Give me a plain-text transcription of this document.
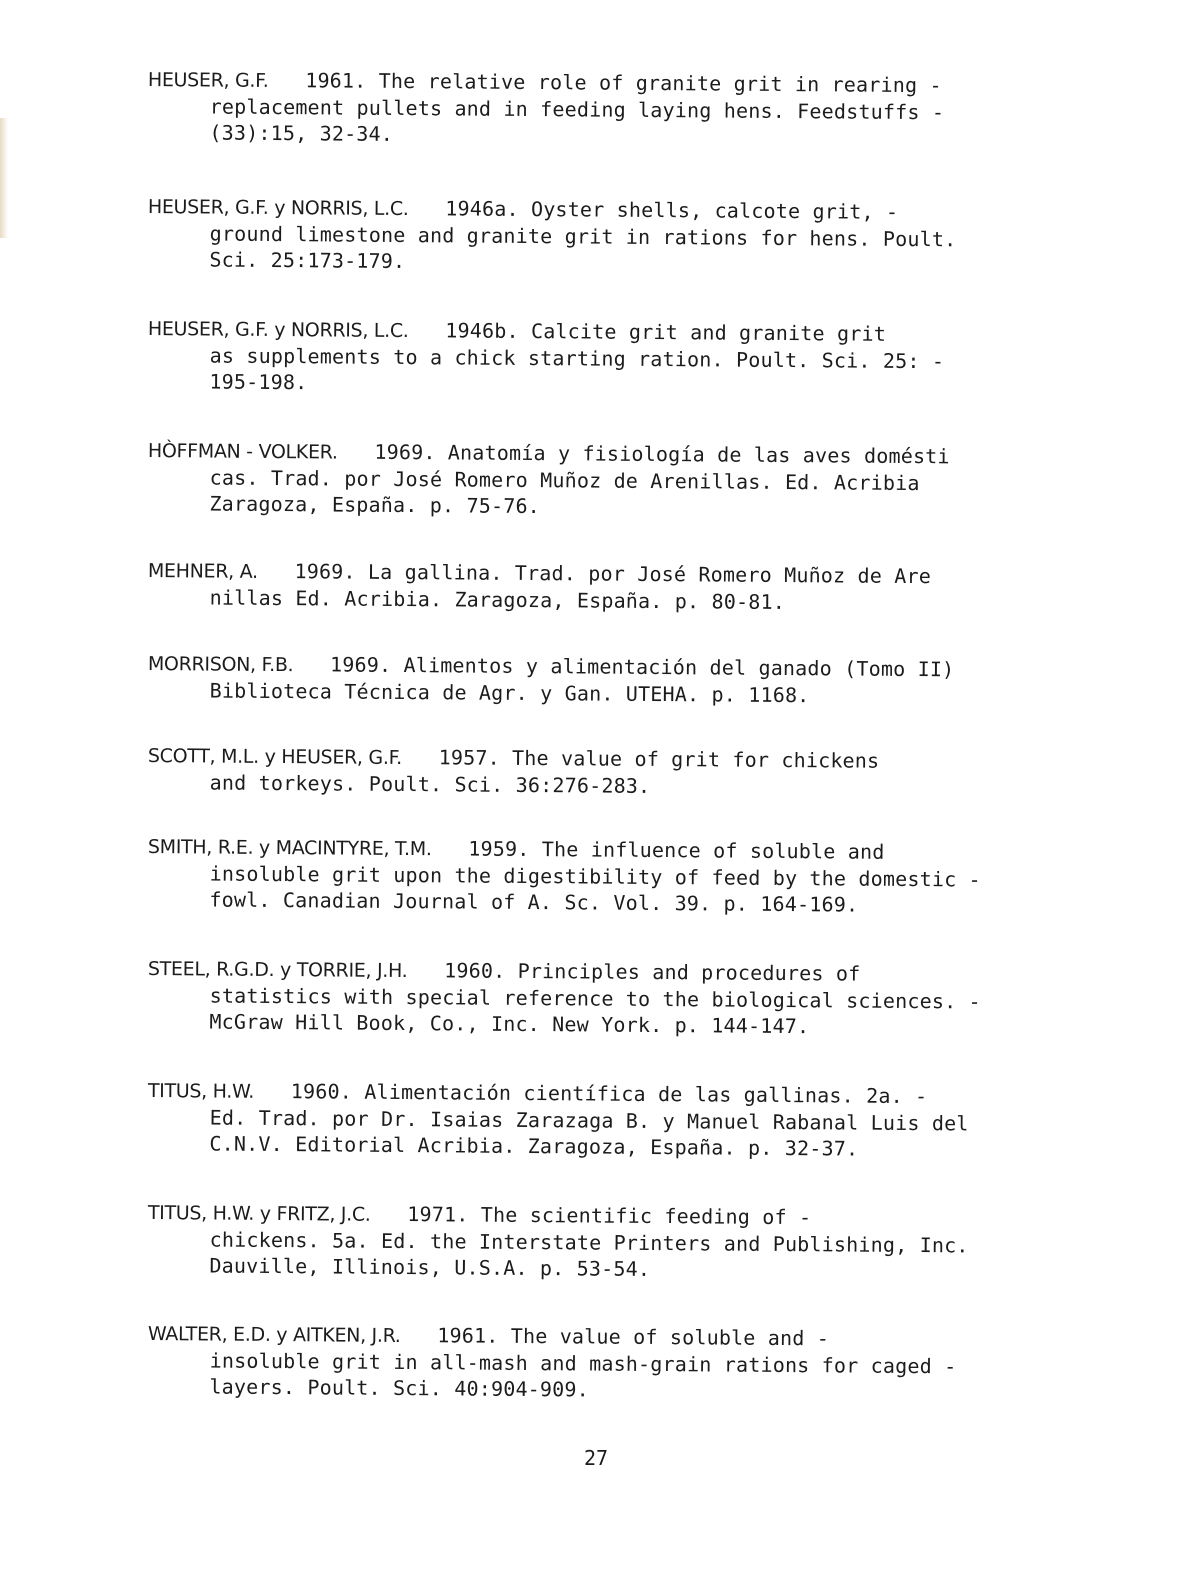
HEUSER, G.F. 1961. The relative role of granite grit in rearing -
replacement pullets and in feeding laying hens. Feedstuffs -
(33):15, 32-34.
HEUSER, G.F. y NORRIS, L.C. 1946a. Oyster shells, calcote grit, -
ground limestone and granite grit in rations for hens. Poult.
Sci. 25:173-179.
HEUSER, G.F. y NORRIS, L.C. 1946b. Calcite grit and granite grit
as supplements to a chick starting ration. Poult. Sci. 25: -
195-198.
HÒFFMAN - VOLKER. 1969. Anatomía y fisiología de las aves domésti
cas. Trad. por José Romero Muñoz de Arenillas. Ed. Acribia
Zaragoza, España. p. 75-76.
MEHNER, A. 1969. La gallina. Trad. por José Romero Muñoz de Are
nillas Ed. Acribia. Zaragoza, España. p. 80-81.
MORRISON, F.B. 1969. Alimentos y alimentación del ganado (Tomo II)
Biblioteca Técnica de Agr. y Gan. UTEHA. p. 1168.
SCOTT, M.L. y HEUSER, G.F. 1957. The value of grit for chickens
and torkeys. Poult. Sci. 36:276-283.
SMITH, R.E. y MACINTYRE, T.M. 1959. The influence of soluble and
insoluble grit upon the digestibility of feed by the domestic -
fowl. Canadian Journal of A. Sc. Vol. 39. p. 164-169.
STEEL, R.G.D. y TORRIE, J.H. 1960. Principles and procedures of
statistics with special reference to the biological sciences. -
McGraw Hill Book, Co., Inc. New York. p. 144-147.
TITUS, H.W. 1960. Alimentación científica de las gallinas. 2a. -
Ed. Trad. por Dr. Isaias Zarazaga B. y Manuel Rabanal Luis del
C.N.V. Editorial Acribia. Zaragoza, España. p. 32-37.
TITUS, H.W. y FRITZ, J.C. 1971. The scientific feeding of -
chickens. 5a. Ed. the Interstate Printers and Publishing, Inc.
Dauville, Illinois, U.S.A. p. 53-54.
WALTER, E.D. y AITKEN, J.R. 1961. The value of soluble and -
insoluble grit in all-mash and mash-grain rations for caged -
layers. Poult. Sci. 40:904-909.
27
